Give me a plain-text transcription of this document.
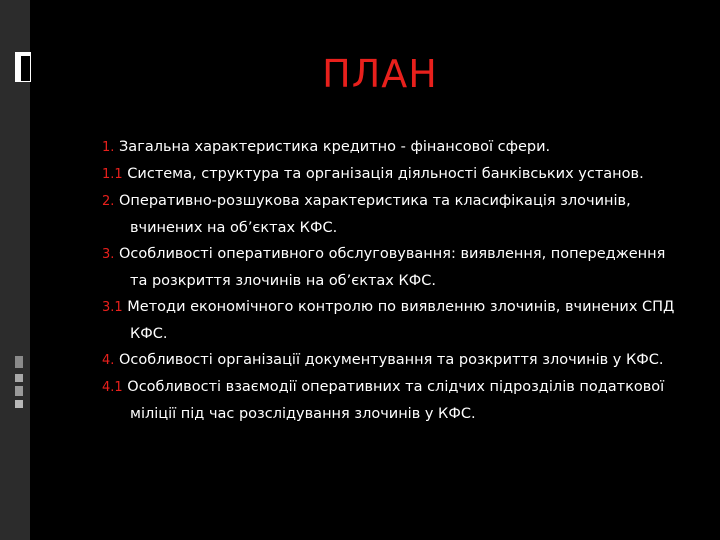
ПЛАН
1. Загальна характеристика кредитно - фінансової сфери.
1.1 Система, структура та організація діяльності банківських установ.
2. Оперативно-розшукова характеристика та класифікація злочинів, вчинених на об’єктах КФС.
3. Особливості оперативного обслуговування: виявлення, попередження та розкриття злочинів на об’єктах КФС.
3.1 Методи економічного контролю по виявленню злочинів, вчинених СПД КФС.
4. Особливості організації документування та розкриття злочинів у КФС.
4.1 Особливості взаємодії оперативних та слідчих підрозділів податкової міліції під час розслідування злочинів у КФС.
